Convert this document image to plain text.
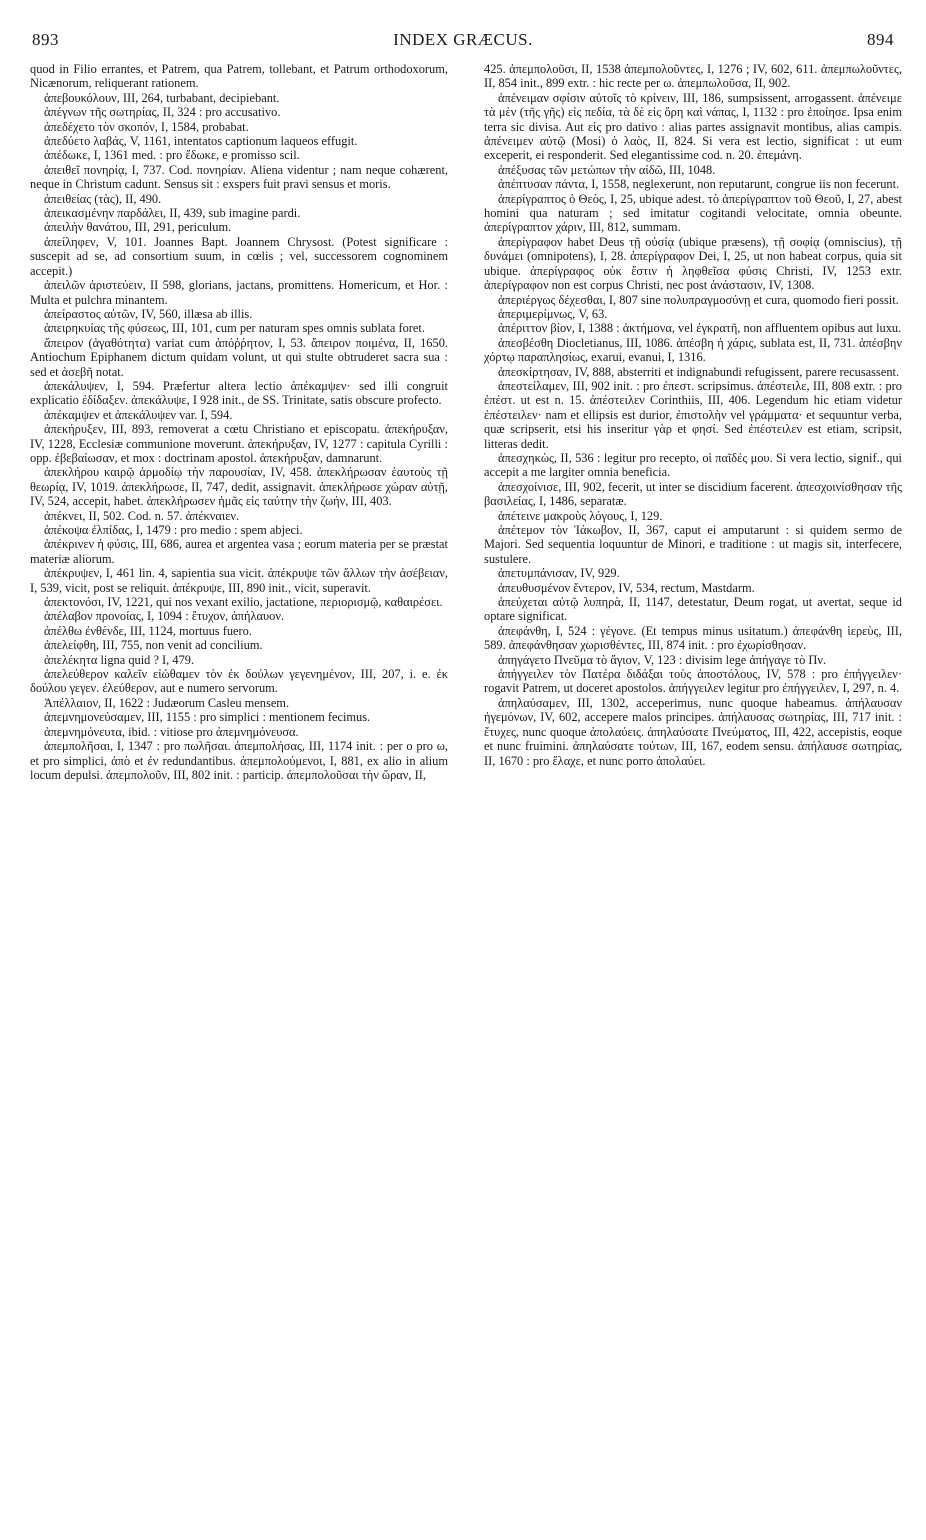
893	INDEX GRÆCUS.	894

quod in Filio errantes, et Patrem, qua Patrem, tollebant, et Patrum orthodoxorum, Nicænorum, reliquerant rationem.

ἀπεβουκόλουν, III, 264, turbabant, decipiebant.

ἀπέγνων τῆς σωτηρίας, II, 324 : pro accusativo.

ἀπεδέχετο τὸν σκοπόν, I, 1584, probabat.

ἀπεδύετο λαβάς, V, 1161, intentatos captionum laqueos effugit.

ἀπέδωκε, I, 1361 med. : pro ἔδωκε, e promisso scil.

ἀπειθεῖ πονηρίᾳ, I, 737. Cod. πονηρίαν. Aliena videntur ; nam neque cohærent, neque in Christum cadunt. Sensus sit : exspers fuit pravi sensus et moris.

ἀπειθείας (τὰς), II, 490.

ἀπεικασμένην παρδάλει, II, 439, sub imagine pardi.

ἀπειλὴν θανάτου, III, 291, periculum.

ἀπείληφεν, V, 101. Joannes Bapt. Joannem Chrysost. (Potest significare : suscepit ad se, ad consortium suum, in cœlis ; vel, successorem cognominem accepit.)

ἀπειλῶν ἀριστεύειν, II 598, glorians, jactans, promittens. Homericum, et Hor. : Multa et pulchra minantem.

ἀπείραστος αὐτῶν, IV, 560, illæsa ab illis.

ἀπειρηκυίας τῆς φύσεως, III, 101, cum per naturam spes omnis sublata foret.

ἄπειρον (ἀγαθότητα) variat cum ἀπόῤῥητον, I, 53. ἄπειρον ποιμένα, II, 1650. Antiochum Epiphanem dictum quidam volunt, ut qui stulte obtruderet sacra sua : sed et ἀσεβῆ notat.

ἀπεκάλυψεν, I, 594. Præfertur altera lectio ἀπέκαμψεν· sed illi congruit explicatio ἐδίδαξεν. ἀπεκάλυψε, I 928 init., de SS. Trinitate, satis obscure profecto.

ἀπέκαμψεν et ἀπεκάλυψεν var. I, 594.

ἀπεκήρυξεν, III, 893, removerat a cœtu Christiano et episcopatu. ἀπεκήρυξαν, IV, 1228, Ecclesiæ communione moverunt. ἀπεκήρυξαν, IV, 1277 : capitula Cyrilli : opp. ἐβεβαίωσαν, et mox : doctrinam apostol. ἀπεκήρυξαν, damnarunt.

ἀπεκλήρου καιρῷ ἁρμοδίῳ τὴν παρουσίαν, IV, 458. ἀπεκλήρωσαν ἑαυτοὺς τῇ θεωρίᾳ, IV, 1019. ἀπεκλήρωσε, II, 747, dedit, assignavit. ἀπεκλήρωσε χώραν αὐτῇ, IV, 524, accepit, habet. ἀπεκλήρωσεν ἡμᾶς εἰς ταύτην τὴν ζωήν, III, 403.

ἀπέκνει, II, 502. Cod. n. 57. ἀπέκναιεν.

ἀπέκοψα ἐλπίδας, I, 1479 : pro medio : spem abjeci.

ἀπέκρινεν ἡ φύσις, III, 686, aurea et argentea vasa ; eorum materia per se præstat materiæ aliorum.

ἀπέκρυψεν, I, 461 lin. 4, sapientia sua vicit. ἀπέκρυψε τῶν ἄλλων τὴν ἀσέβειαν, I, 539, vicit, post se reliquit. ἀπέκρυψε, III, 890 init., vicit, superavit.

ἀπεκτονόσι, IV, 1221, qui nos vexant exilio, jactatione, περιορισμῷ, καθαιρέσει.

ἀπέλαβον προνοίας, I, 1094 : ἔτυχον, ἀπήλαυον.

ἀπέλθω ἐνθένδε, III, 1124, mortuus fuero.

ἀπελείφθη, III, 755, non venit ad concilium.

ἀπελέκητα ligna quid ? I, 479.

ἀπελεύθερον καλεῖν εἰώθαμεν τὸν ἐκ δούλων γεγενημένον, III, 207, i. e. ἐκ δούλου γεγεν. ἐλεύθερον, aut e numero servorum.

Ἀπέλλαιον, II, 1622 : Judæorum Casleu mensem.

ἀπεμνημονεύσαμεν, III, 1155 : pro simplici : mentionem fecimus.

ἀπεμνημόνευτα, ibid. : vitiose pro ἀπεμνημόνευσα.

ἀπεμπολῆσαι, I, 1347 : pro πωλῆσαι. ἀπεμπολήσας, III, 1174 init. : per o pro ω, et pro simplici, ἀπὸ et ἐν redundantibus. ἀπεμπολούμενοι, I, 881, ex alio in alium locum depulsi. ἀπεμπολοῦν, III, 802 init. : particip. ἀπεμπολοῦσαι τὴν ὥραν, II,

425. ἀπεμπολοῦσι, II, 1538 ἀπεμπολοῦντες, I, 1276 ; IV, 602, 611. ἀπεμπωλοῦντες, II, 854 init., 899 extr. : hic recte per ω. ἀπεμπωλοῦσα, II, 902.

ἀπένειμαν σφίσιν αὐτοῖς τὸ κρίνειν, III, 186, sumpsissent, arrogassent. ἀπένειμε τὰ μὲν (τῆς γῆς) εἰς πεδία, τὰ δὲ εἰς ὄρη καὶ νάπας, I, 1132 : pro ἐποίησε. Ipsa enim terra sic divisa. Aut εἰς pro dativo : alias partes assignavit montibus, alias campis. ἀπένειμεν αὐτῷ (Mosi) ὁ λαὸς, II, 824. Si vera est lectio, significat : ut eum exceperit, ei responderit. Sed elegantissime cod. n. 20. ἐπεμάνη.

ἀπέξυσας τῶν μετώπων τὴν αἰδῶ, III, 1048.

ἀπέπτυσαν πάντα, I, 1558, neglexerunt, non reputarunt, congrue iis non fecerunt.

ἀπερίγραπτος ὁ Θεὸς, I, 25, ubique adest. τὸ ἀπερίγραπτον τοῦ Θεοῦ, I, 27, abest homini qua naturam ; sed imitatur cogitandi velocitate, omnia obeunte. ἀπερίγραπτον χάριν, III, 812, summam.

ἀπερίγραφον habet Deus τῇ οὐσίᾳ (ubique præsens), τῇ σοφίᾳ (omniscius), τῇ δυνάμει (omnipotens), I, 28. ἀπερίγραφον Dei, I, 25, ut non habeat corpus, quia sit ubique. ἀπερίγραφος οὐκ ἔστιν ἡ ληφθεῖσα φύσις Christi, IV, 1253 extr. ἀπερίγραφον non est corpus Christi, nec post ἀνάστασιν, IV, 1308.

ἀπεριέργως δέχεσθαι, I, 807 sine πολυπραγμοσύνῃ et cura, quomodo fieri possit.

ἀπεριμερίμνως, V, 63.

ἀπέριττον βίον, I, 1388 : ἀκτήμονα, vel ἐγκρατῆ, non affluentem opibus aut luxu.

ἀπεσβέσθη Diocletianus, III, 1086. ἀπέσβη ἡ χάρις, sublata est, II, 731. ἀπέσβην χόρτῳ παραπλησίως, exarui, evanui, I, 1316.

ἀπεσκίρτησαν, IV, 888, absterriti et indignabundi refugissent, parere recusassent.

ἀπεστείλαμεν, III, 902 init. : pro ἐπεστ. scripsimus. ἀπέστειλε, III, 808 extr. : pro ἐπέστ. ut est n. 15. ἀπέστειλεν Corinthiis, III, 406. Legendum hic etiam videtur ἐπέστειλεν· nam et ellipsis est durior, ἐπιστολὴν vel γράμματα· et sequuntur verba, quæ scripserit, etsi his inseritur γὰρ et φησί. Sed ἐπέστειλεν est etiam, scripsit, litteras dedit.

ἀπεσχηκὼς, II, 536 : legitur pro recepto, οἱ παῖδές μου. Si vera lectio, signif., qui accepit a me largiter omnia beneficia.

ἀπεσχοίνισε, III, 902, fecerit, ut inter se discidium facerent. ἀπεσχοινίσθησαν τῆς βασιλείας, I, 1486, separatæ.

ἀπέτεινε μακροὺς λόγους, I, 129.

ἀπέτεμον τὸν Ἰάκωβον, II, 367, caput ei amputarunt : si quidem sermo de Majori. Sed sequentia loquuntur de Minori, e traditione : ut magis sit, interfecere, sustulere.

ἀπετυμπάνισαν, IV, 929.

ἀπευθυσμένον ἔντερον, IV, 534, rectum, Mastdarm.

ἀπεύχεται αὐτῷ λυπηρὰ, II, 1147, detestatur, Deum rogat, ut avertat, seque id optare significat.

ἀπεφάνθη, I, 524 : γέγονε. (Et tempus minus usitatum.) ἀπεφάνθη ἱερεὺς, III, 589. ἀπεφάνθησαν χωρισθέντες, III, 874 init. : pro ἐχωρίσθησαν.

ἀπηγάγετο Πνεῦμα τὸ ἅγιον, V, 123 : divisim lege ἀπήγαγε τὸ Πν.

ἀπήγγειλεν τὸν Πατέρα διδάξαι τοὺς ἀποστόλους, IV, 578 : pro ἐπήγγειλεν· rogavit Patrem, ut doceret apostolos. ἀπήγγειλεν legitur pro ἐπήγγειλεν, I, 297, n. 4.

ἀπηλαύσαμεν, III, 1302, acceperimus, nunc quoque habeamus. ἀπήλαυσαν ἡγεμόνων, IV, 602, accepere malos principes. ἀπήλαυσας σωτηρίας, III, 717 init. : ἔτυχες, nunc quoque ἀπολαύεις. ἀπηλαύσατε Πνεύματος, III, 422, accepistis, eoque et nunc fruimini. ἀπηλαύσατε τούτων, III, 167, eodem sensu. ἀπήλαυσε σωτηρίας, II, 1670 : pro ἔλαχε, et nunc porro ἀπολαύει.
